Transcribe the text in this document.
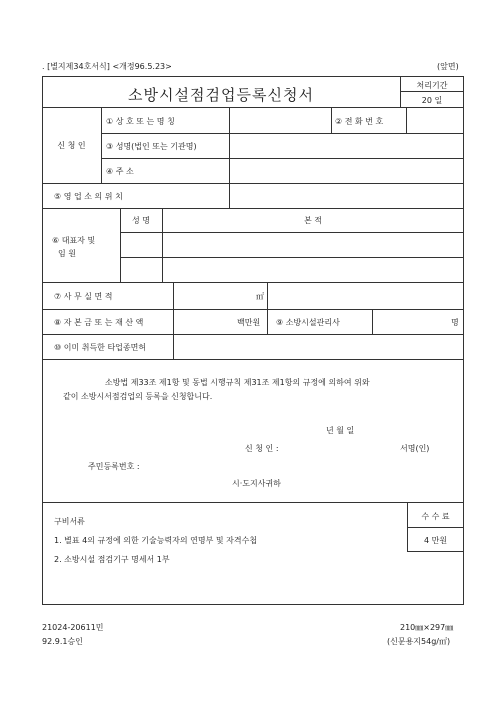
. [별지제34호서식] <개정96.5.23>	(앞면)
소방시설점검업등록신청서
처리기간
20 일
신 청 인
① 상 호 또 는 명 칭	② 전 화 번 호
③ 성명(법인 또는 기관명)
④ 주 소
⑤ 영 업 소 의 위 치
⑥ 대표자 및
임 원
성 명	본 적
⑦ 사 무 실 면 적	㎡
⑧ 자 본 금 또 는 재 산 액	백만원 ⑨ 소방시설관리사	명
⑩ 이미 취득한 타업종면허
소방법 제33조 제1항 및 동법 시행규칙 제31조 제1항의 규정에 의하여 위와
같이 소방시서점검업의 등록을 신청합니다.
년 월 일
신 청 인 :	서명(인)
주민등록번호 :
시·도지사귀하
구비서류
1. 별표 4의 규정에 의한 기술능력자의 연명부 및 자격수첩
2. 소방시설 점검기구 명세서 1부
수 수 료
4 만원
21024-20611민
92.9.1승인
210㎜×297㎜
(신문용지54g/㎡)
